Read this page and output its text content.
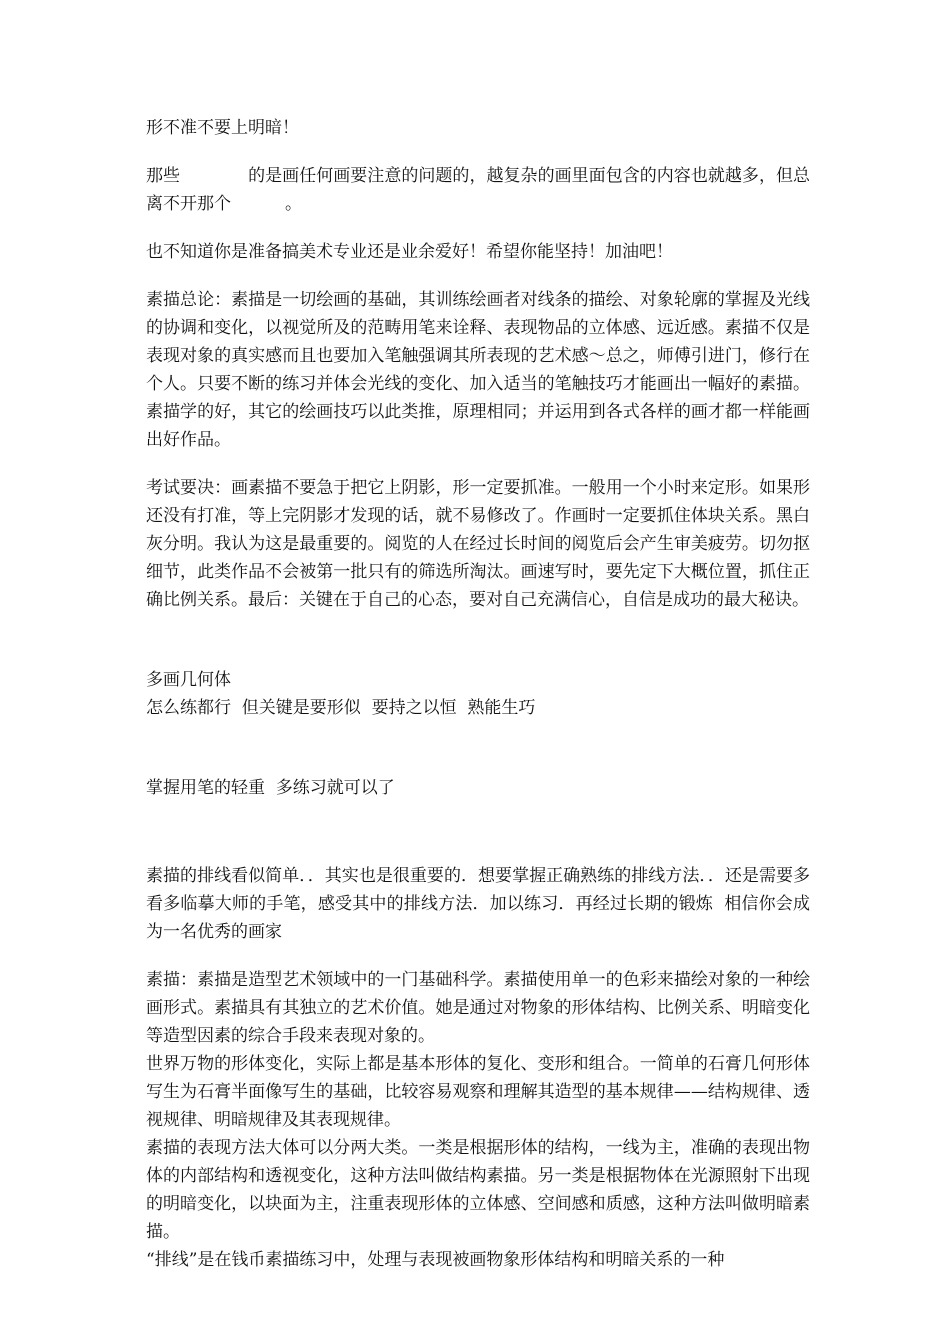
形不准不要上明暗！

那些	的是画任何画要注意的问题的，越复杂的画里面包含的内容也就越多，但总离不开那个	。

也不知道你是准备搞美术专业还是业余爱好！希望你能坚持！加油吧！

素描总论：素描是一切绘画的基础，其训练绘画者对线条的描绘、对象轮廓的掌握及光线的协调和变化，以视觉所及的范畴用笔来诠释、表现物品的立体感、远近感。素描不仅是表现对象的真实感而且也要加入笔触强调其所表现的艺术感～总之，师傅引进门，修行在个人。只要不断的练习并体会光线的变化、加入适当的笔触技巧才能画出一幅好的素描。素描学的好，其它的绘画技巧以此类推，原理相同；并运用到各式各样的画才都一样能画出好作品。

考试要决：画素描不要急于把它上阴影，形一定要抓准。一般用一个小时来定形。如果形还没有打准，等上完阴影才发现的话，就不易修改了。作画时一定要抓住体块关系。黑白灰分明。我认为这是最重要的。阅览的人在经过长时间的阅览后会产生审美疲劳。切勿抠细节，此类作品不会被第一批只有的筛选所淘汰。画速写时，要先定下大概位置，抓住正确比例关系。最后：关键在于自己的心态，要对自己充满信心，自信是成功的最大秘诀。

多画几何体

怎么练都行  但关键是要形似  要持之以恒  熟能生巧

掌握用笔的轻重  多练习就可以了

素描的排线看似简单．．其实也是很重要的．想要掌握正确熟练的排线方法．．还是需要多看多临摹大师的手笔，感受其中的排线方法．加以练习．再经过长期的锻炼  相信你会成为一名优秀的画家

素描：素描是造型艺术领域中的一门基础科学。素描使用单一的色彩来描绘对象的一种绘画形式。素描具有其独立的艺术价值。她是通过对物象的形体结构、比例关系、明暗变化等造型因素的综合手段来表现对象的。

世界万物的形体变化，实际上都是基本形体的复化、变形和组合。一简单的石膏几何形体写生为石膏半面像写生的基础，比较容易观察和理解其造型的基本规律——结构规律、透视规律、明暗规律及其表现规律。

素描的表现方法大体可以分两大类。一类是根据形体的结构，一线为主，准确的表现出物体的内部结构和透视变化，这种方法叫做结构素描。另一类是根据物体在光源照射下出现的明暗变化，以块面为主，注重表现形体的立体感、空间感和质感，这种方法叫做明暗素描。

“排线”是在钱币素描练习中，处理与表现被画物象形体结构和明暗关系的一种
